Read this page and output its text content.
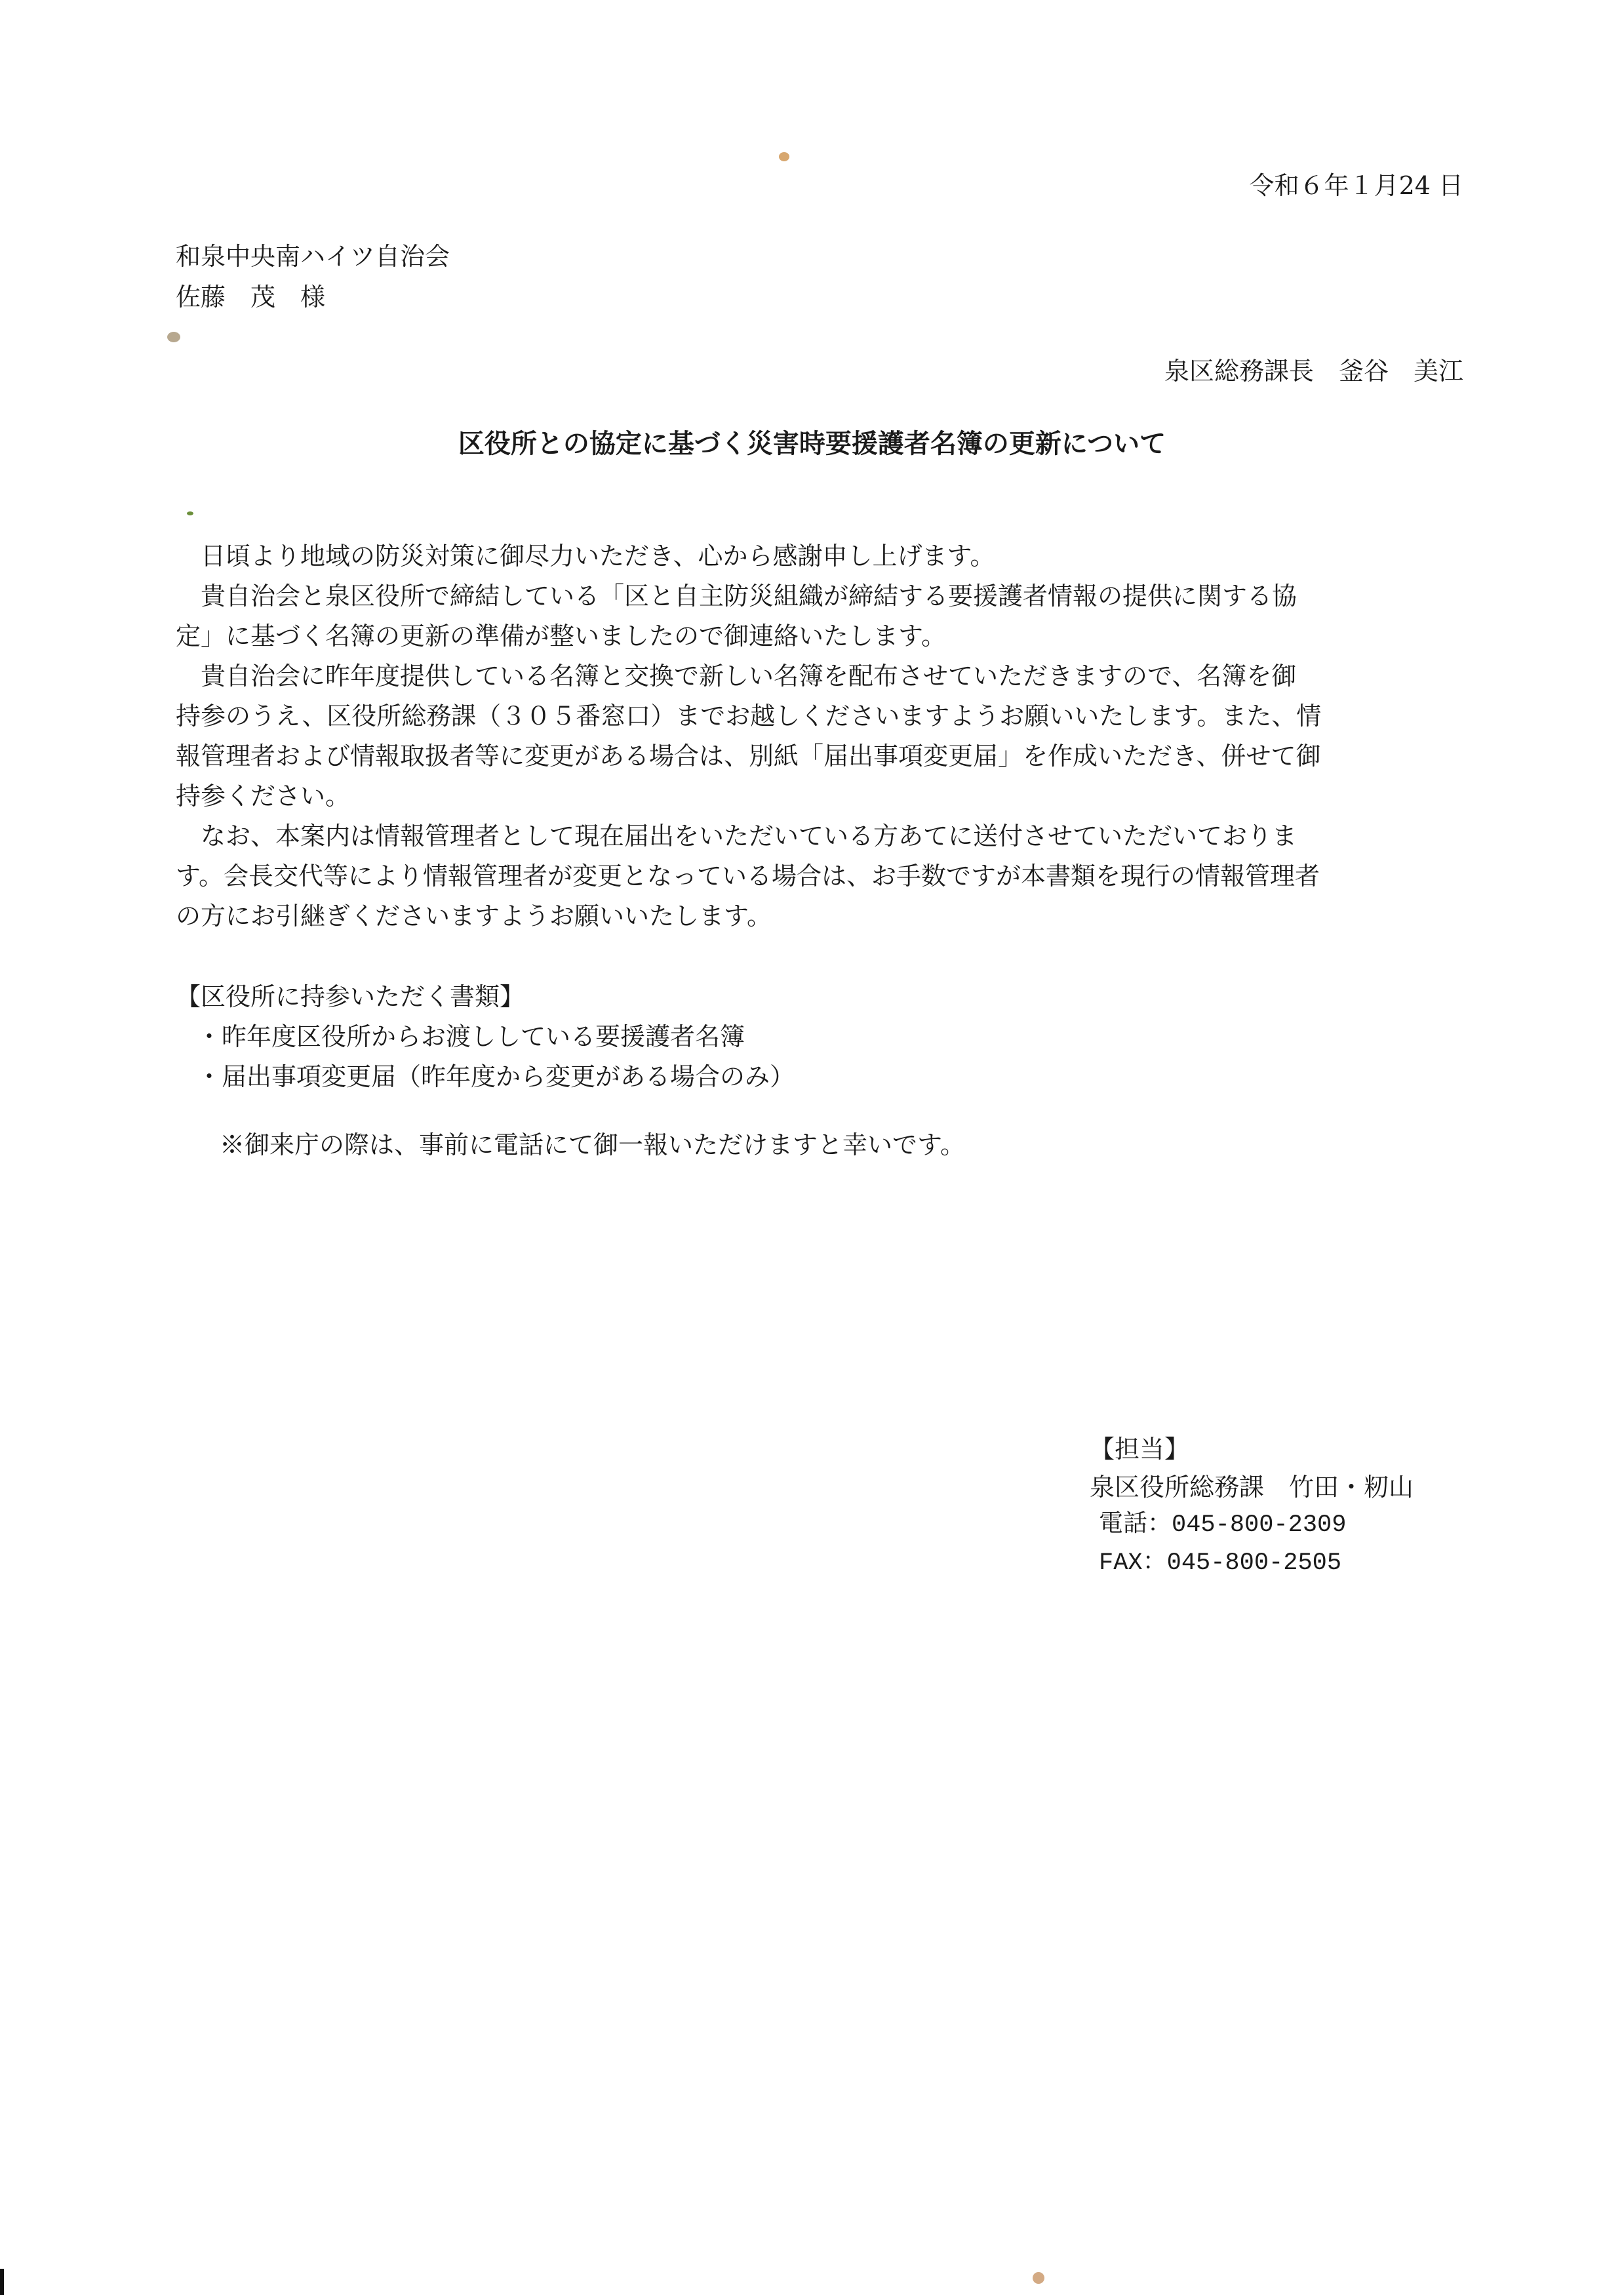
令和６年１月24 日
和泉中央南ハイツ自治会
佐藤　茂　様
泉区総務課長　釜谷　美江
区役所との協定に基づく災害時要援護者名簿の更新について

　日頃より地域の防災対策に御尽力いただき、心から感謝申し上げます。

　貴自治会と泉区役所で締結している「区と自主防災組織が締結する要援護者情報の提供に関する協

定」に基づく名簿の更新の準備が整いましたので御連絡いたします。

　貴自治会に昨年度提供している名簿と交換で新しい名簿を配布させていただきますので、名簿を御

持参のうえ、区役所総務課（３０５番窓口）までお越しくださいますようお願いいたします。また、情

報管理者および情報取扱者等に変更がある場合は、別紙「届出事項変更届」を作成いただき、併せて御

持参ください。

　なお、本案内は情報管理者として現在届出をいただいている方あてに送付させていただいておりま

す。会長交代等により情報管理者が変更となっている場合は、お手数ですが本書類を現行の情報管理者

の方にお引継ぎくださいますようお願いいたします。

【区役所に持参いただく書類】
・昨年度区役所からお渡ししている要援護者名簿
・届出事項変更届（昨年度から変更がある場合のみ）
※御来庁の際は、事前に電話にて御一報いただけますと幸いです。
【担当】
泉区役所総務課　竹田・籾山
電話：045-800-2309
FAX：045-800-2505
